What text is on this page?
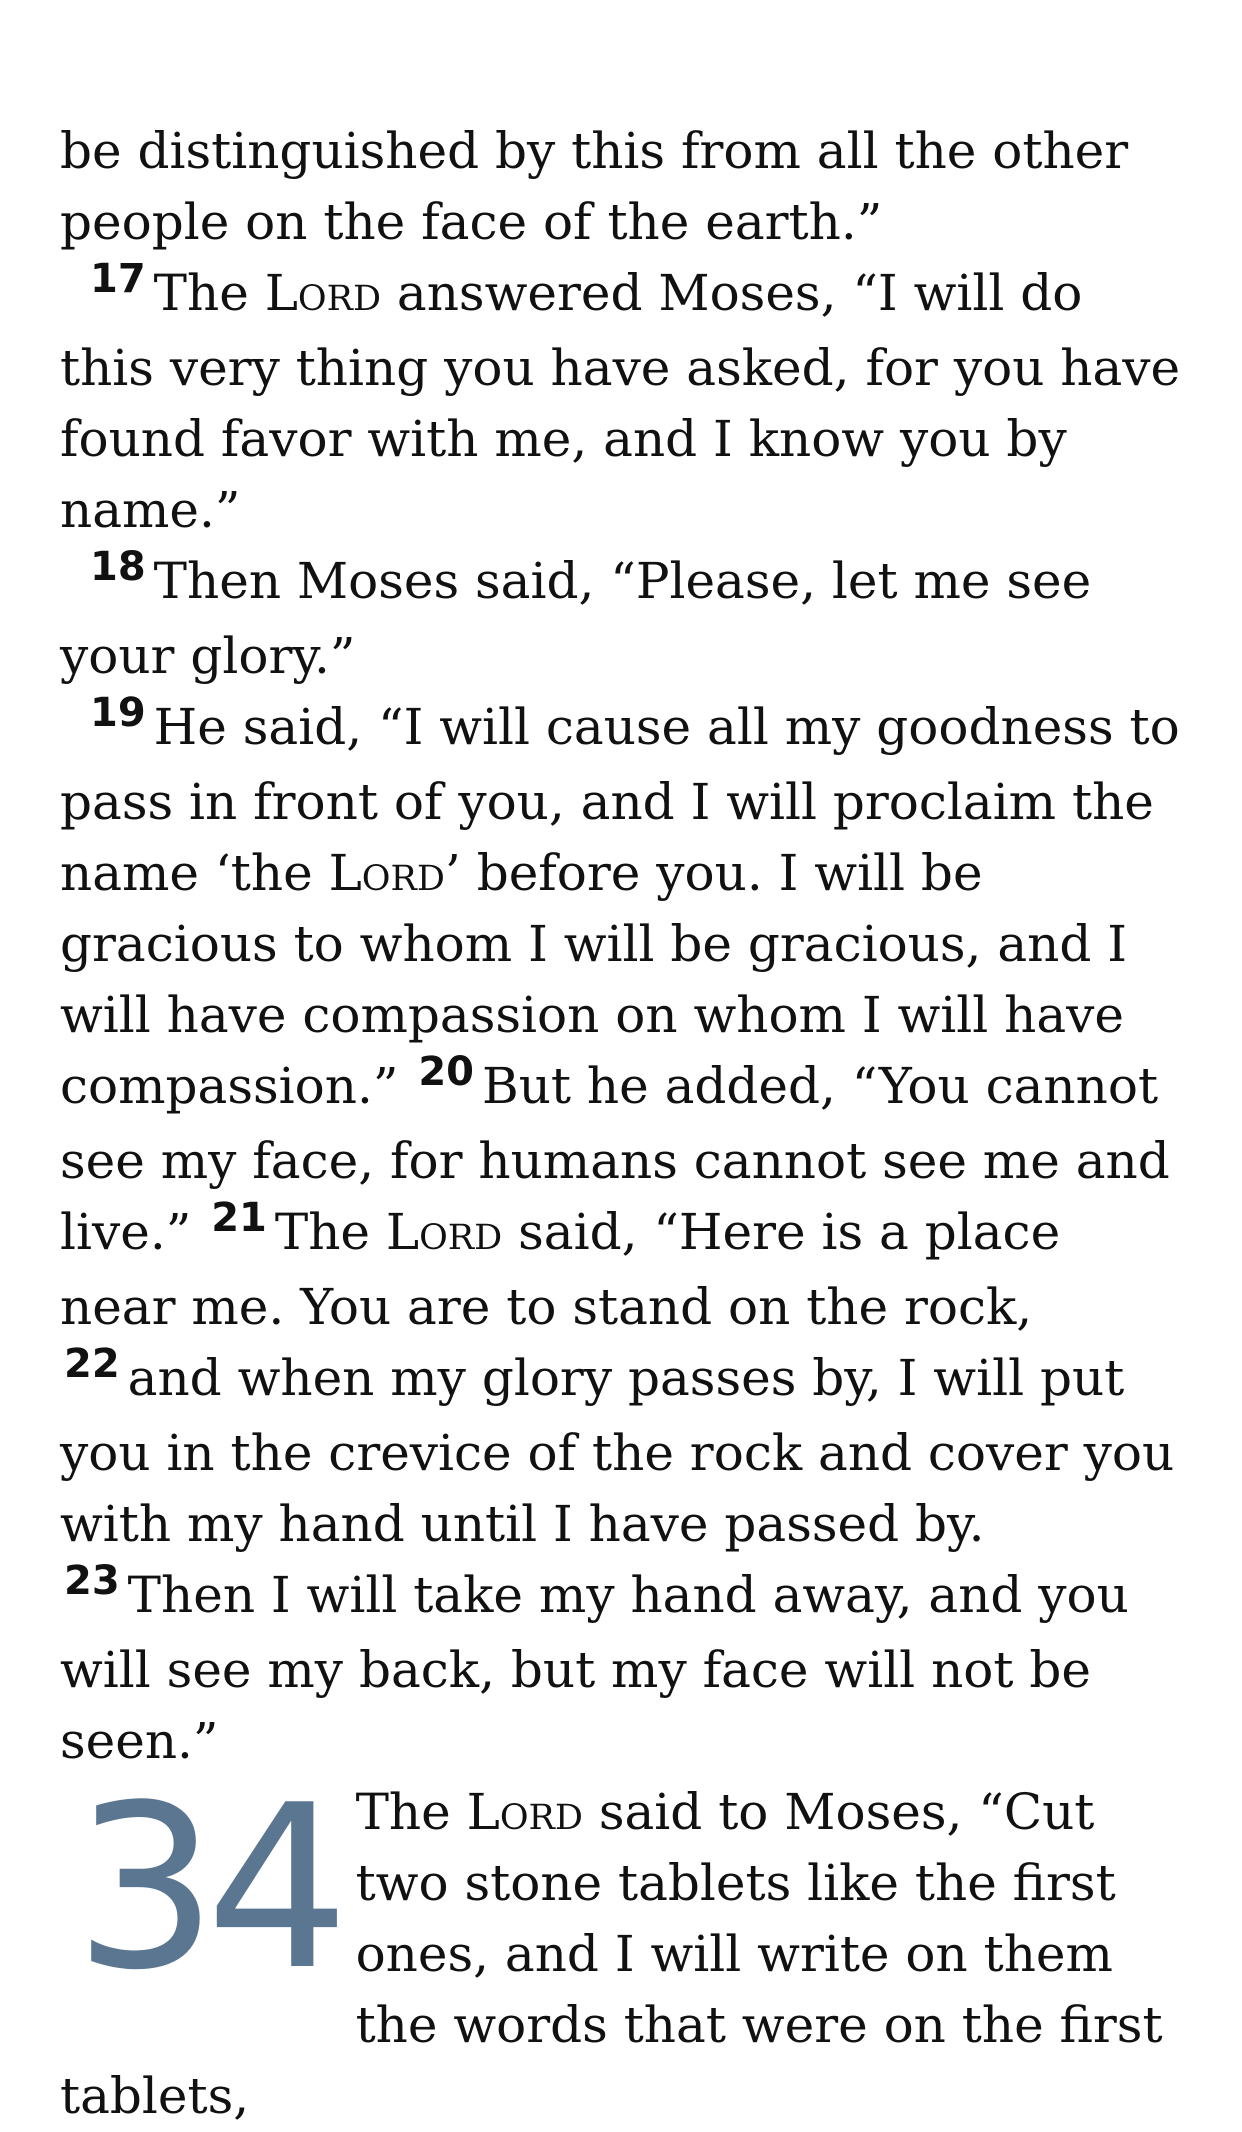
be distinguished by this from all the other people on the face of the earth.”

$^{17}$ The Lord answered Moses, “I will do this very thing you have asked, for you have found favor with me, and I know you by name.”

$^{18}$ Then Moses said, “Please, let me see your glory.”

$^{19}$ He said, “I will cause all my goodness to pass in front of you, and I will proclaim the name ‘the Lord’ before you. I will be gracious to whom I will be gracious, and I will have compassion on whom I will have compassion.” $^{20}$ But he added, “You cannot see my face, for humans cannot see me and live.” $^{21}$ The Lord said, “Here is a place near me. You are to stand on the rock, $^{22}$ and when my glory passes by, I will put you in the crevice of the rock and cover you with my hand until I have passed by. $^{23}$ Then I will take my hand away, and you will see my back, but my face will not be seen.”

34 The Lord said to Moses, “Cut two stone tablets like the first ones, and I will write on them the words that were on the first tablets,
